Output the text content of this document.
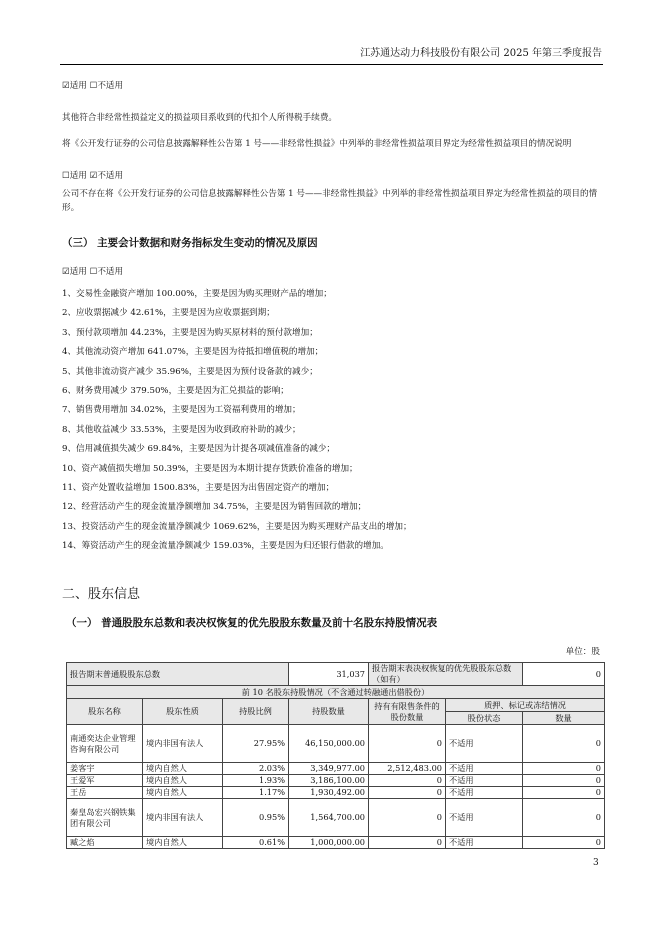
江苏通达动力科技股份有限公司 2025 年第三季度报告
☑适用 ☐不适用
其他符合非经常性损益定义的损益项目系收到的代扣个人所得税手续费。
将《公开发行证券的公司信息披露解释性公告第 1 号——非经常性损益》中列举的非经常性损益项目界定为经常性损益项目的情况说明
☐适用 ☑不适用
公司不存在将《公开发行证券的公司信息披露解释性公告第 1 号——非经常性损益》中列举的非经常性损益项目界定为经常性损益的项目的情形。
（三） 主要会计数据和财务指标发生变动的情况及原因
☑适用 ☐不适用
1、交易性金融资产增加 100.00%，主要是因为购买理财产品的增加；
2、应收票据减少 42.61%，主要是因为应收票据到期；
3、预付款项增加 44.23%，主要是因为购买原材料的预付款增加；
4、其他流动资产增加 641.07%，主要是因为待抵扣增值税的增加；
5、其他非流动资产减少 35.96%，主要是因为预付设备款的减少；
6、财务费用减少 379.50%，主要是因为汇兑损益的影响；
7、销售费用增加 34.02%，主要是因为工资福利费用的增加；
8、其他收益减少 33.53%，主要是因为收到政府补助的减少；
9、信用减值损失减少 69.84%，主要是因为计提各项减值准备的减少；
10、资产减值损失增加 50.39%，主要是因为本期计提存货跌价准备的增加；
11、资产处置收益增加 1500.83%，主要是因为出售固定资产的增加；
12、经营活动产生的现金流量净额增加 34.75%，主要是因为销售回款的增加；
13、投资活动产生的现金流量净额减少 1069.62%，主要是因为购买理财产品支出的增加；
14、筹资活动产生的现金流量净额减少 159.03%，主要是因为归还银行借款的增加。
二、股东信息
（一） 普通股股东总数和表决权恢复的优先股股东数量及前十名股东持股情况表
单位：股
报告期末普通股股东总数			31,037	报告期末表决权恢复的优先股股东总数（如有）		0
前 10 名股东持股情况（不含通过转融通出借股份）						
股东名称	股东性质	持股比例	持股数量	持有有限售条件的股份数量	质押、标记或冻结情况	
					股份状态	数量
南通奕达企业管理咨询有限公司	境内非国有法人	27.95%	46,150,000.00	0	不适用	0
姜客宇	境内自然人	2.03%	3,349,977.00	2,512,483.00	不适用	0
王爱军	境内自然人	1.93%	3,186,100.00	0	不适用	0
王岳	境内自然人	1.17%	1,930,492.00	0	不适用	0
秦皇岛宏兴钢铁集团有限公司	境内非国有法人	0.95%	1,564,700.00	0	不适用	0
臧之焰	境内自然人	0.61%	1,000,000.00	0	不适用	0
3
